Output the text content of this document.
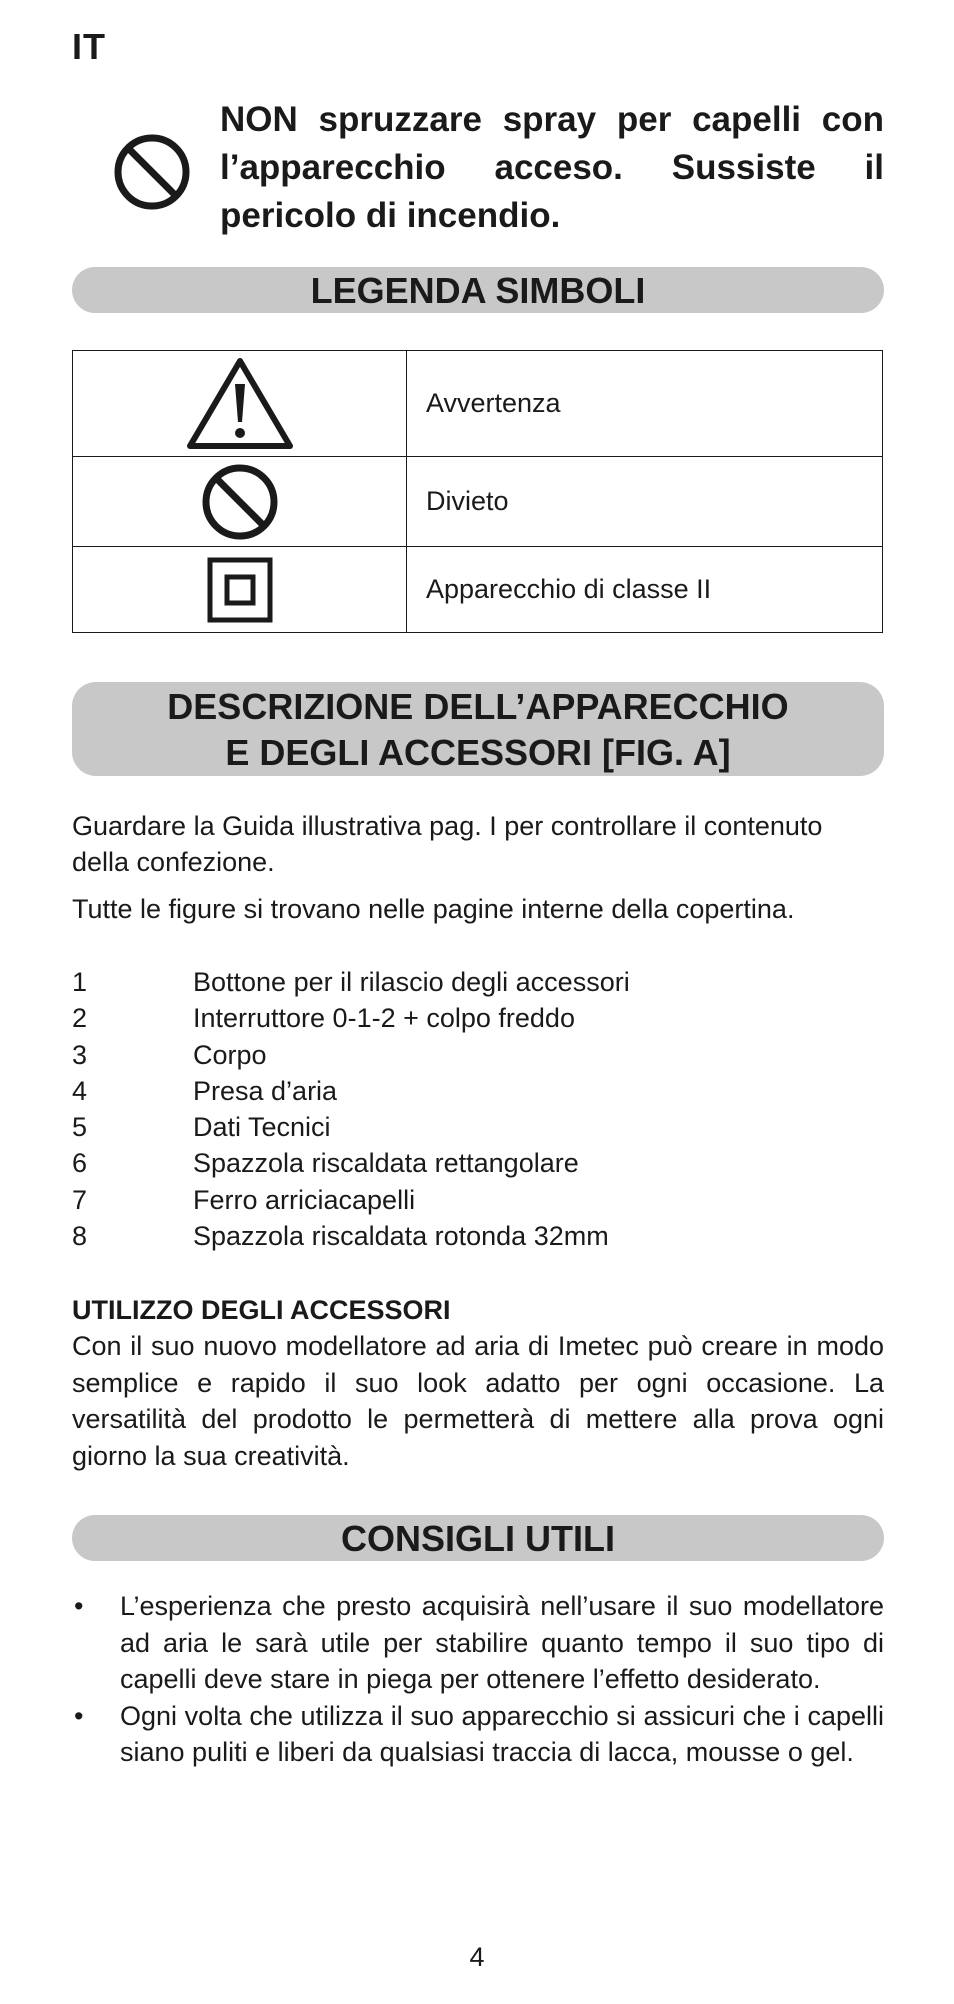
IT
NON spruzzare spray per capelli con l’apparecchio acceso. Sussiste il pericolo di incendio.
LEGENDA SIMBOLI
	Avvertenza

	Divieto

	Apparecchio di classe II
DESCRIZIONE DELL’APPARECCHIO
E DEGLI ACCESSORI [FIG. A]
Guardare la Guida illustrativa pag. I per controllare il contenuto della confezione.
Tutte le figure si trovano nelle pagine interne della copertina.
1	Bottone per il rilascio degli accessori
2	Interruttore 0-1-2 + colpo freddo
3	Corpo
4	Presa d’aria
5	Dati Tecnici
6	Spazzola riscaldata rettangolare
7	Ferro arriciacapelli
8	Spazzola riscaldata rotonda 32mm
UTILIZZO DEGLI ACCESSORI
Con il suo nuovo modellatore ad aria di Imetec può creare in modo semplice e rapido il suo look adatto per ogni occasione. La versatilità del prodotto le permetterà di mettere alla prova ogni giorno la sua creatività.
CONSIGLI UTILI
•	L’esperienza che presto acquisirà nell’usare il suo modellatore ad aria le sarà utile per stabilire quanto tempo il suo tipo di capelli deve stare in piega per ottenere l’effetto desiderato.
•	Ogni volta che utilizza il suo apparecchio si assicuri che i capelli siano puliti e liberi da qualsiasi traccia di lacca, mousse o gel.
4
